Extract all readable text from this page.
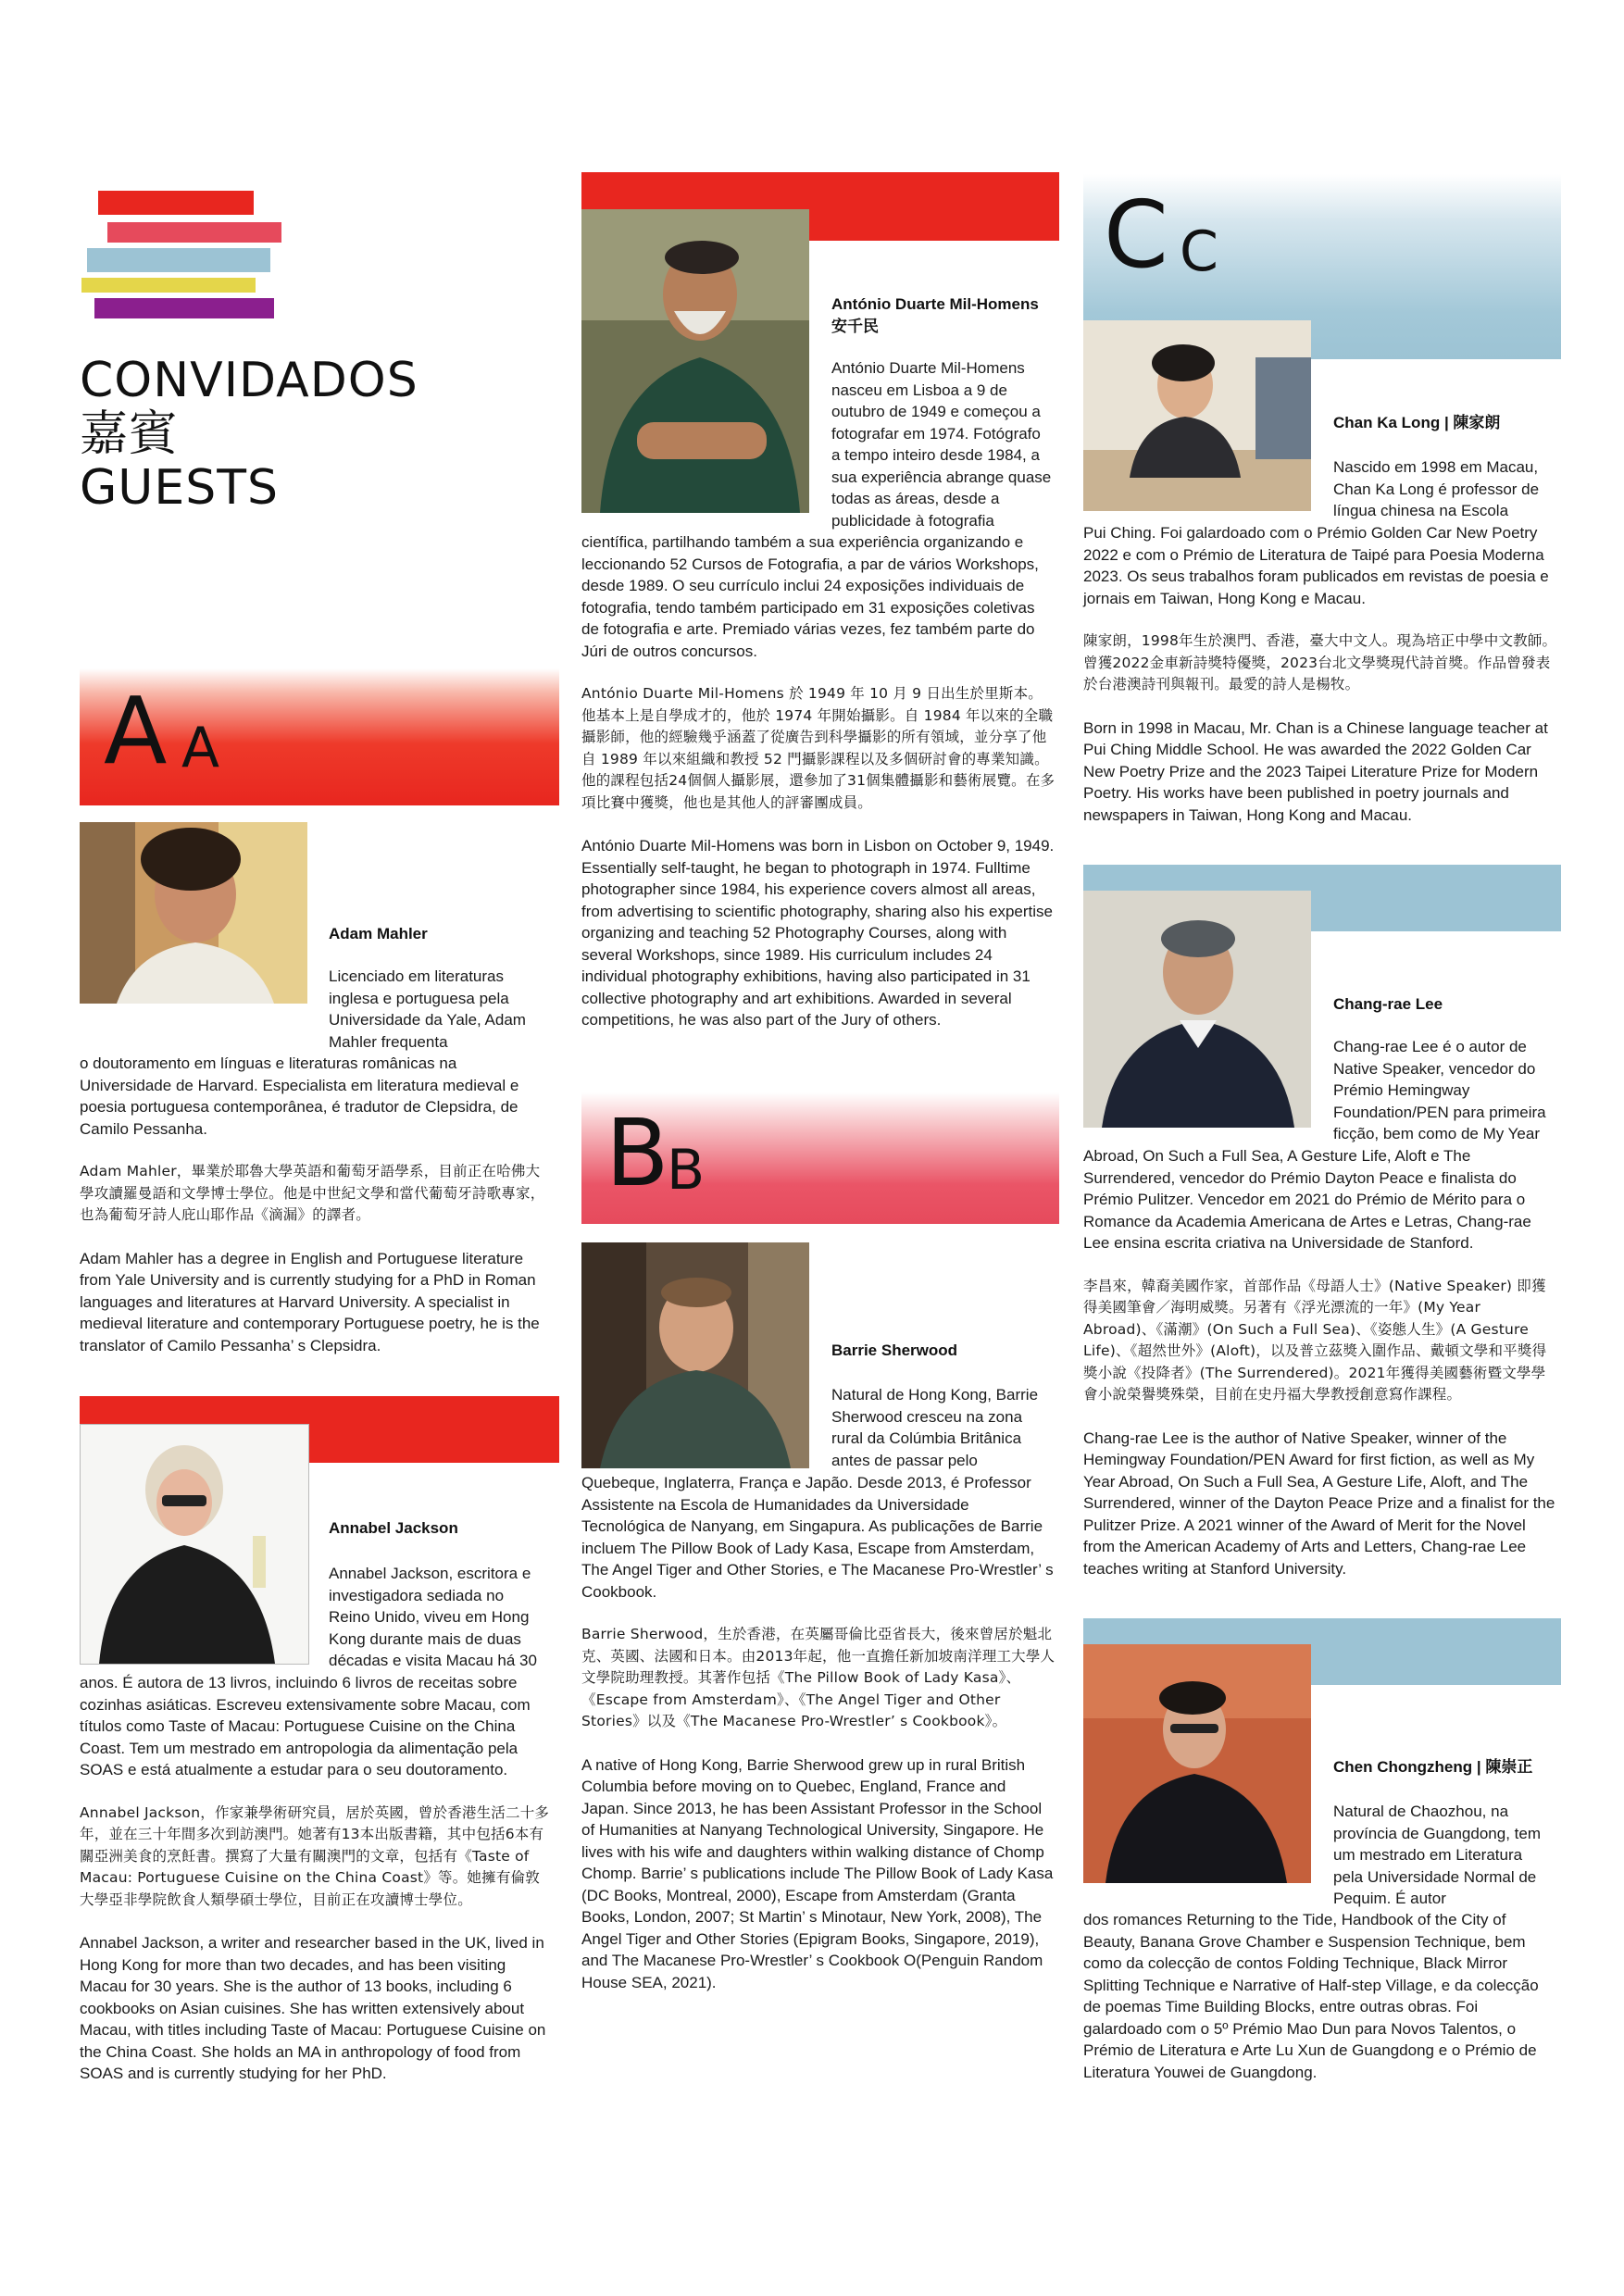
CONVIDADOS
嘉賓
GUESTS
A A
Adam Mahler
Licenciado em literaturas inglesa e portuguesa pela Universidade da Yale, Adam Mahler frequenta

o doutoramento em línguas e literaturas românicas na Universidade de Harvard. Especialista em literatura medieval e poesia portuguesa contemporânea, é tradutor de Clepsidra, de Camilo Pessanha.

Adam Mahler，畢業於耶魯大學英語和葡萄牙語學系，目前正在哈佛大學攻讀羅曼語和文學博士學位。他是中世紀文學和當代葡萄牙詩歌專家，也為葡萄牙詩人庇山耶作品《滴漏》的譯者。

Adam Mahler has a degree in English and Portuguese literature from Yale University and is currently studying for a PhD in Roman languages and literatures at Harvard University. A specialist in medieval literature and contemporary Portuguese poetry, he is the translator of Camilo Pessanha’ s Clepsidra.

Annabel Jackson
Annabel Jackson, escritora e investigadora sediada no Reino Unido, viveu em Hong Kong durante mais de duas décadas e visita Macau há 30

anos. É autora de 13 livros, incluindo 6 livros de receitas sobre cozinhas asiáticas. Escreveu extensivamente sobre Macau, com títulos como Taste of Macau: Portuguese Cuisine on the China Coast. Tem um mestrado em antropologia da alimentação pela SOAS e está atualmente a estudar para o seu doutoramento.

Annabel Jackson，作家兼學術研究員，居於英國，曾於香港生活二十多年，並在三十年間多次到訪澳門。她著有13本出版書籍，其中包括6本有關亞洲美食的烹飪書。撰寫了大量有關澳門的文章，包括有《Taste of Macau: Portuguese Cuisine on the China Coast》等。她擁有倫敦大學亞非學院飲食人類學碩士學位，目前正在攻讀博士學位。

Annabel Jackson, a writer and researcher based in the UK, lived in Hong Kong for more than two decades, and has been visiting Macau for 30 years. She is the author of 13 books, including 6 cookbooks on Asian cuisines. She has written extensively about Macau, with titles including Taste of Macau: Portuguese Cuisine on the China Coast. She holds an MA in anthropology of food from SOAS and is currently studying for her PhD.

António Duarte Mil-Homens
安千民
António Duarte Mil-Homens nasceu em Lisboa a 9 de outubro de 1949 e começou a fotografar em 1974. Fotógrafo a tempo inteiro desde 1984, a sua experiência abrange quase todas as áreas, desde a publicidade à fotografia

científica, partilhando também a sua experiência organizando e leccionando 52 Cursos de Fotografia, a par de vários Workshops, desde 1989. O seu currículo inclui 24 exposições individuais de fotografia, tendo também participado em 31 exposições coletivas de fotografia e arte. Premiado várias vezes, fez também parte do Júri de outros concursos.

António Duarte Mil-Homens 於 1949 年 10 月 9 日出生於里斯本。他基本上是自學成才的，他於 1974 年開始攝影。自 1984 年以來的全職攝影師，他的經驗幾乎涵蓋了從廣告到科學攝影的所有領域，並分享了他自 1989 年以來組織和教授 52 門攝影課程以及多個研討會的專業知識。他的課程包括24個個人攝影展，還參加了31個集體攝影和藝術展覽。在多項比賽中獲獎，他也是其他人的評審團成員。

António Duarte Mil-Homens was born in Lisbon on October 9, 1949. Essentially self-taught, he began to photograph in 1974. Fulltime photographer since 1984, his experience covers almost all areas, from advertising to scientific photography, sharing also his expertise organizing and teaching 52 Photography Courses, along with several Workshops, since 1989. His curriculum includes 24 individual photography exhibitions, having also participated in 31 collective photography and art exhibitions. Awarded in several competitions, he was also part of the Jury of others.

B
B
Barrie Sherwood
Natural de Hong Kong, Barrie Sherwood cresceu na zona rural da Colúmbia Britânica antes de passar pelo

Quebeque, Inglaterra, França e Japão. Desde 2013, é Professor Assistente na Escola de Humanidades da Universidade Tecnológica de Nanyang, em Singapura. As publicações de Barrie incluem The Pillow Book of Lady Kasa, Escape from Amsterdam, The Angel Tiger and Other Stories, e The Macanese Pro-Wrestler’ s Cookbook.

Barrie Sherwood，生於香港，在英屬哥倫比亞省長大，後來曾居於魁北克、英國、法國和日本。由2013年起，他一直擔任新加坡南洋理工大學人文學院助理教授。其著作包括《The Pillow Book of Lady Kasa》、《Escape from Amsterdam》、《The Angel Tiger and Other Stories》以及《The Macanese Pro-Wrestler’ s Cookbook》。

A native of Hong Kong, Barrie Sherwood grew up in rural British Columbia before moving on to Quebec, England, France and Japan. Since 2013, he has been Assistant Professor in the School of Humanities at Nanyang Technological University, Singapore. He lives with his wife and daughters within walking distance of Chomp Chomp. Barrie’ s publications include The Pillow Book of Lady Kasa (DC Books, Montreal, 2000), Escape from Amsterdam (Granta Books, London, 2007; St Martin’ s Minotaur, New York, 2008), The Angel Tiger and Other Stories (Epigram Books, Singapore, 2019), and The Macanese Pro-Wrestler’ s Cookbook O(Penguin Random House SEA, 2021).

C C
Chan Ka Long | 陳家朗
Nascido em 1998 em Macau, Chan Ka Long é professor de língua chinesa na Escola

Pui Ching. Foi galardoado com o Prémio Golden Car New Poetry 2022 e com o Prémio de Literatura de Taipé para Poesia Moderna 2023. Os seus trabalhos foram publicados em revistas de poesia e jornais em Taiwan, Hong Kong e Macau.

陳家朗，1998年生於澳門、香港，臺大中文人。現為培正中學中文教師。曾獲2022金車新詩獎特優獎，2023台北文學獎現代詩首獎。作品曾發表於台港澳詩刊與報刊。最愛的詩人是楊牧。

Born in 1998 in Macau, Mr. Chan is a Chinese language teacher at Pui Ching Middle School. He was awarded the 2022 Golden Car New Poetry Prize and the 2023 Taipei Literature Prize for Modern Poetry. His works have been published in poetry journals and newspapers in Taiwan, Hong Kong and Macau.

Chang-rae Lee
Chang-rae Lee é o autor de Native Speaker, vencedor do Prémio Hemingway Foundation/PEN para primeira ficção, bem como de My Year

Abroad, On Such a Full Sea, A Gesture Life, Aloft e The Surrendered, vencedor do Prémio Dayton Peace e finalista do Prémio Pulitzer. Vencedor em 2021 do Prémio de Mérito para o Romance da Academia Americana de Artes e Letras, Chang-rae Lee ensina escrita criativa na Universidade de Stanford.

李昌來，韓裔美國作家，首部作品《母語人士》(Native Speaker) 即獲得美國筆會／海明威獎。另著有《浮光漂流的一年》(My Year Abroad)、《滿潮》(On Such a Full Sea)、《姿態人生》(A Gesture Life)、《超然世外》(Aloft)，以及普立茲獎入圍作品、戴頓文學和平獎得獎小說《投降者》(The Surrendered)。2021年獲得美國藝術暨文學學會小說榮譽獎殊榮，目前在史丹福大學教授創意寫作課程。

Chang-rae Lee is the author of Native Speaker, winner of the Hemingway Foundation/PEN Award for first fiction, as well as My Year Abroad, On Such a Full Sea, A Gesture Life, Aloft, and The Surrendered, winner of the Dayton Peace Prize and a finalist for the Pulitzer Prize. A 2021 winner of the Award of Merit for the Novel from the American Academy of Arts and Letters, Chang-rae Lee teaches writing at Stanford University.

Chen Chongzheng | 陳崇正
Natural de Chaozhou, na província de Guangdong, tem um mestrado em Literatura pela Universidade Normal de Pequim. É autor

dos romances Returning to the Tide, Handbook of the City of Beauty, Banana Grove Chamber e Suspension Technique, bem como da colecção de contos Folding Technique, Black Mirror Splitting Technique e Narrative of Half-step Village, e da colecção de poemas Time Building Blocks, entre outras obras. Foi galardoado com o 5º Prémio Mao Dun para Novos Talentos, o Prémio de Literatura e Arte Lu Xun de Guangdong e o Prémio de Literatura Youwei de Guangdong.
